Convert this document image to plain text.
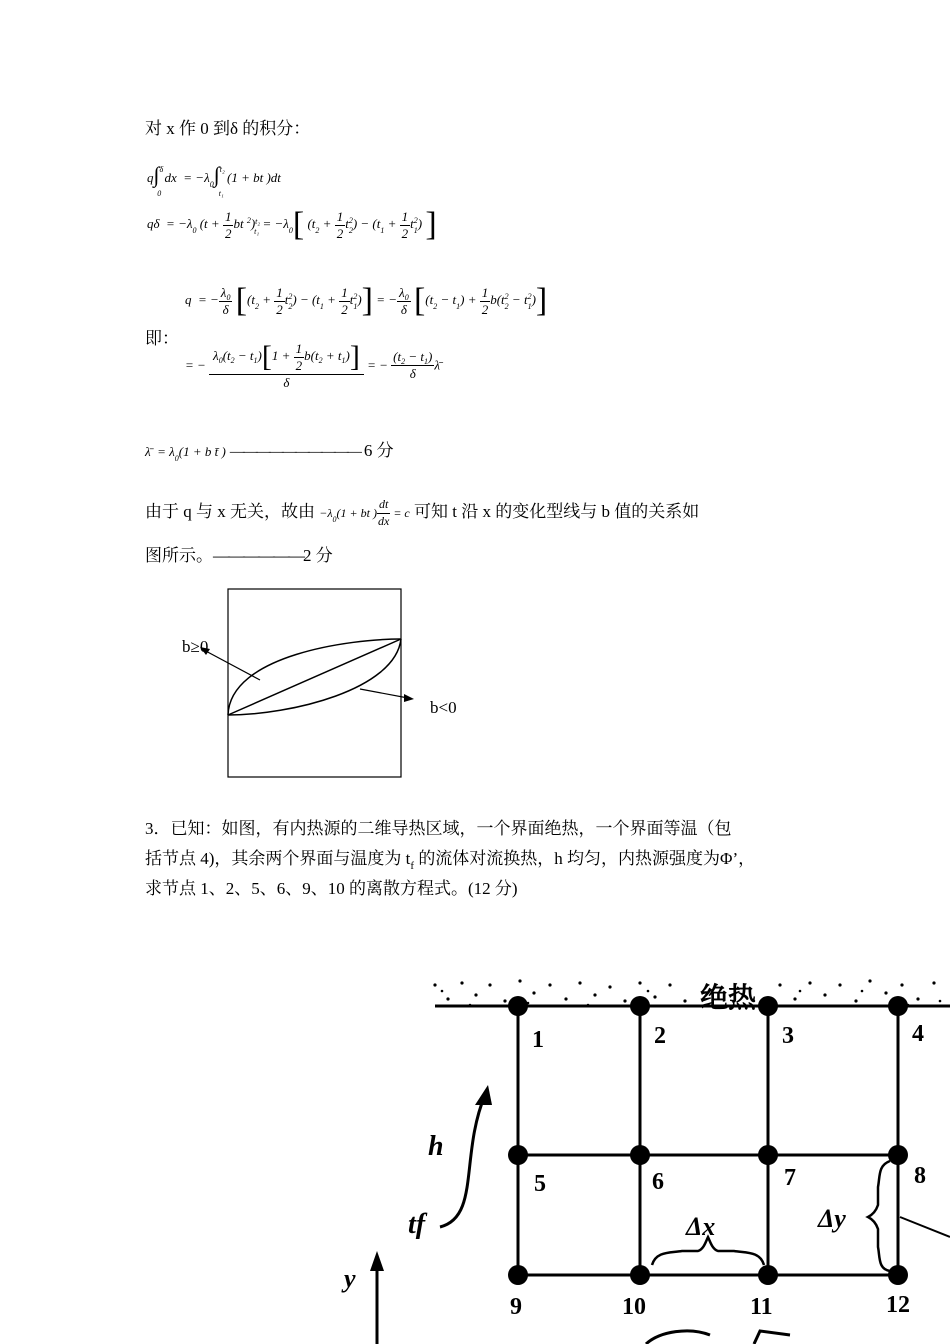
对 x 作 0 到δ 的积分：
q∫$^\delta_0$ dx  = $-\lambda_0\int^{t_2}_{t_1}$ (1 + bt )dt
$q\delta = -\lambda_0$ ($t + \frac{1}{2}$ bt $^2)^{t_2}_{t_1} = -\lambda_0$[ $(t_2 + \frac{1}{2} t^2_2) - (t_1 + \frac{1}{2} t^2_1)$ ]
q  = − $\frac{\lambda_0}{\delta} [(t_2 + \frac{1}{2} t^2_2) - (t_1 + \frac{1}{2} t^2_1)]$ = − $\frac{\lambda_0}{\delta} [(t_2 - t_1) + \frac{1}{2} b(t^2_2 - t^2_1)]$
即：
= − $\frac{\lambda_0(t_2 - t_1)[1 + \frac{1}{2} b(t_2 + t_1)]}{\delta}$ = − $\frac{(t_2 - t_1)}{\delta}$ λ̄
λ̄  = $\lambda_0(1 + b$ t̄ ) —————————— 6 分
由于 q 与 x 无关，故由 $-\lambda_0(1$ + bt ) $\frac{dt}{dx} = c$ 可知 t 沿 x 的变化型线与 b 值的关系如
图所示。——————2 分
b≥0
b<0
3．已知：如图，有内热源的二维导热区域，一个界面绝热，一个界面等温（包
括节点 4)，其余两个界面与温度为 $t_f$ 的流体对流换热，h 均匀，内热源强度为Φ’，
求节点 1、2、5、6、9、10 的离散方程式。(12 分)
绝热
1	2	3	4
5	6	7	8
9	10	11	12
h
tf	Δx	Δy
y
